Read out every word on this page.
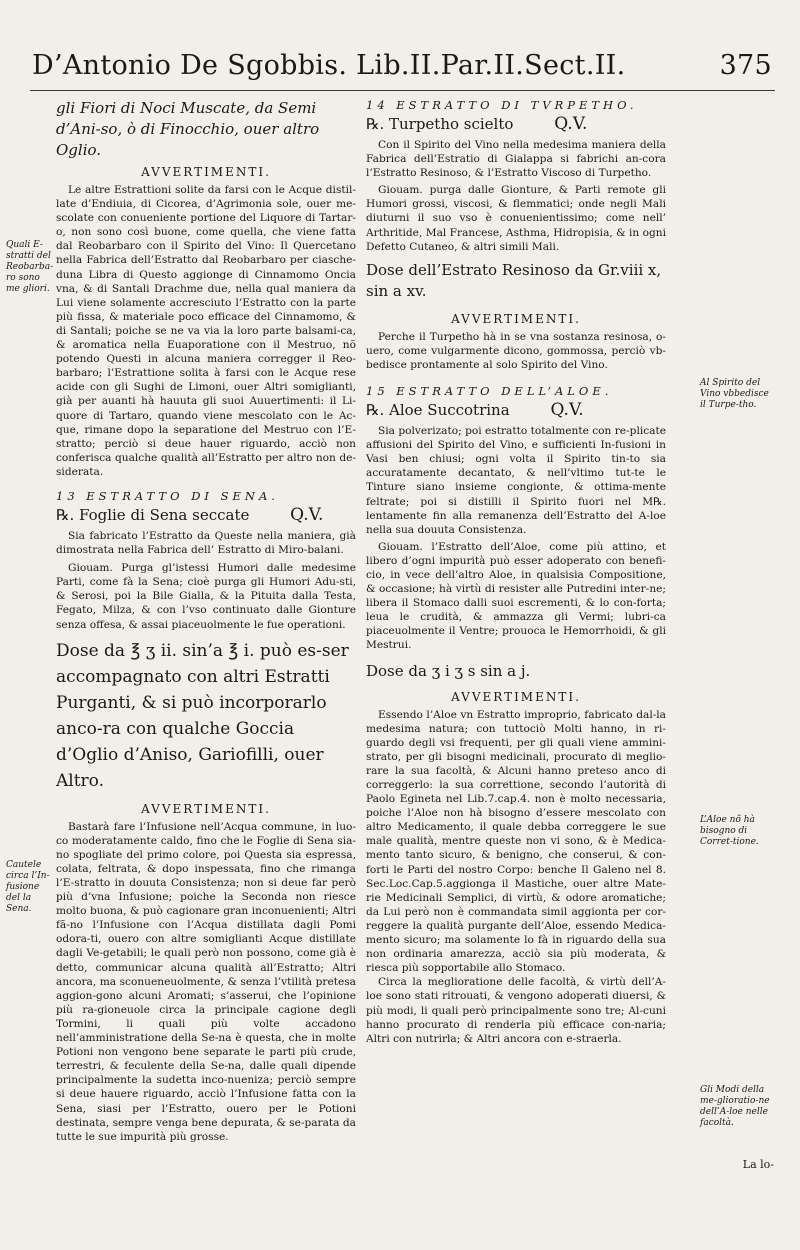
D’Antonio De Sgobbis. Lib.II.Par.II.Sect.II.	375

gli Fiori di Noci Muscate, da Semi d’Ani-so, ò di Finocchio, ouer altro Oglio.

AVVERTIMENTI.

Le altre Estrattioni solite da farsi con le Acque distil-late d’Endiuia, di Cicorea, d’Agrimonia sole, ouer me-scolate con conueniente portione del Liquore di Tartar-o, non sono così buone, come quella, che viene fatta dal Reobarbaro con il Spirito del Vino: Il Quercetano nella Fabrica dell’Estratto dal Reobarbaro per ciasche-duna Libra di Questo aggionge di Cinnamomo Oncia vna, & di Santali Drachme due, nella qual maniera da Lui viene solamente accresciuto l’Estratto con la parte più fissa, & materiale poco efficace del Cinnamomo, & di Santali; poiche se ne va via la loro parte balsami-ca, & aromatica nella Euaporatione con il Mestruo, nõ potendo Questi in alcuna maniera corregger il Reo-barbaro; l’Estrattione solita à farsi con le Acque rese acide con gli Sughi de Limoni, ouer Altri somiglianti, già per auanti hà hauuta gli suoi Auuertimenti: il Li-quore di Tartaro, quando viene mescolato con le Ac-que, rimane dopo la separatione del Mestruo con l’E-stratto; perciò si deue hauer riguardo, acciò non conferisca qualche qualità all’Estratto per altro non de-siderata.

13 ESTRATTO DI SENA.

℞. Foglie di Sena seccate Q.V.

Sia fabricato l’Estratto da Queste nella maniera, già dimostrata nella Fabrica dell’ Estratto di Miro-balani.

Giouam. Purga gl’istessi Humori dalle medesime Parti, come fà la Sena; cioè purga gli Humori Adu-sti, & Serosi, poi la Bile Gialla, & la Pituita dalla Testa, Fegato, Milza, & con l’vso continuato dalle Gionture senza offesa, & assai piaceuolmente le fue operationi.

Dose da ℥ ʒ ii. sin’a ℥ i. può es-ser accompagnato con altri Estratti Purganti, & si può incorporarlo anco-ra con qualche Goccia d’Oglio d’Aniso, Gariofilli, ouer Altro.

AVVERTIMENTI.

Bastarà fare l’Infusione nell’Acqua commune, in luo-co moderatamente caldo, fino che le Foglie di Sena sia-no spogliate del primo colore, poi Questa sia espressa, colata, feltrata, & dopo inspessata, fino che rimanga l’E-stratto in douuta Consistenza; non si deue far però più d’vna Infusione; poiche la Seconda non riesce molto buona, & può cagionare gran inconuenienti; Altri fã-no l’Infusione con l’Acqua distillata dagli Pomi odora-ti, ouero con altre somiglianti Acque distillate dagli Ve-getabili; le quali però non possono, come già è detto, communicar alcuna qualità all’Estratto; Altri ancora, ma sconueneuolmente, & senza l’vtilità pretesa aggion-gono alcuni Aromati; s’asserui, che l’opinione più ra-gioneuole circa la principale cagione degli Tormini, li quali più volte accadono nell’amministratione della Se-na è questa, che in molte Potioni non vengono bene separate le parti più crude, terrestri, & feculente della Se-na, dalle quali dipende principalmente la sudetta inco-nueniza; perciò sempre si deue hauere riguardo, acciò l’Infusione fatta con la Sena, siasi per l’Estratto, ouero per le Potioni destinata, sempre venga bene depurata, & se-parata da tutte le sue impurità più grosse.

14 ESTRATTO DI TVRPETHO.

℞. Turpetho scielto Q.V.

Con il Spirito del Vino nella medesima maniera della Fabrica dell’Estratio di Gialappa si fabrichi an-cora l’Estratto Resinoso, & l’Estratto Viscoso di Turpetho.

Giouam. purga dalle Gionture, & Parti remote gli Humori grossi, viscosi, & flemmatici; onde negli Mali diuturni il suo vso è conuenientissimo; come nell’ Arthritide, Mal Francese, Asthma, Hidropisia, & in ogni Defetto Cutaneo, & altri simili Mali.

Dose dell’Estrato Resinoso da Gr.viii x, sin a xv.

AVVERTIMENTI.

Perche il Turpetho hà in se vna sostanza resinosa, o-uero, come vulgarmente dicono, gommossa, perciò vb-bedisce prontamente al solo Spirito del Vino.

15 ESTRATTO DELL’ALOE.

℞. Aloe Succotrina Q.V.

Sia polverizato; poi estratto totalmente con re-plicate affusioni del Spirito del Vino, e sufficienti In-fusioni in Vasi ben chiusi; ogni volta il Spirito tin-to sia accuratamente decantato, & nell’vltimo tut-te le Tinture siano insieme congionte, & ottima-mente feltrate; poi si distilli il Spirito fuori nel M℞. lentamente fin alla remanenza dell’Estratto del A-loe nella sua douuta Consistenza.

Giouam. l’Estratto dell’Aloe, come più attino, et libero d’ogni impurità può esser adoperato con benefi-cio, in vece dell’altro Aloe, in qualsisia Compositione, & occasione; hà virtù di resister alle Putredini inter-ne; libera il Stomaco dalli suoi escrementi, & lo con-forta; leua le crudità, & ammazza gli Vermi; lubri-ca piaceuolmente il Ventre; prouoca le Hemorrhoidi, & gli Mestrui.

Dose da ʒ i ʒ s sin a j.

AVVERTIMENTI.

Essendo l’Aloe vn Estratto improprio, fabricato dal-la medesima natura; con tuttociò Molti hanno, in ri-guardo degli vsi frequenti, per gli quali viene ammini-strato, per gli bisogni medicinali, procurato di meglio-rare la sua facoltà, & Alcuni hanno preteso anco di correggerlo: la sua correttione, secondo l’autorità di Paolo Egineta nel Lib.7.cap.4. non è molto necessaria, poiche l’Aloe non hà bisogno d’essere mescolato con altro Medicamento, il quale debba correggere le sue male qualità, mentre queste non vi sono, & è Medica-mento tanto sicuro, & benigno, che conserui, & con-forti le Parti del nostro Corpo: benche Il Galeno nel 8. Sec.Loc.Cap.5.aggionga il Mastiche, ouer altre Mate-rie Medicinali Semplici, di virtù, & odore aromatiche; da Lui però non è commandata simil aggionta per cor-reggere la qualità purgante dell’Aloe, essendo Medica-mento sicuro; ma solamente lo fà in riguardo della sua non ordinaria amarezza, acciò sia più moderata, & riesca più sopportabile allo Stomaco.

Circa la meglioratione delle facoltà, & virtù dell’A-loe sono stati ritrouati, & vengono adoperati diuersi, & più modi, li quali però principalmente sono tre; Al-cuni hanno procurato di renderla più efficace con-naria; Altri con nutrirla; & Altri ancora con e-straerla.

Quali E-stratti del Reobarba-ro sono me gliori.
Cautele circa l’In-fusione del la Sena.
Al Spirito del Vino vbbedisce il Turpe-tho.
L’Aloe nõ hà bisogno di Corret-tione.
Gli Modi della me-glioratio-ne dell’A-loe nelle facoltà.
La lo-
